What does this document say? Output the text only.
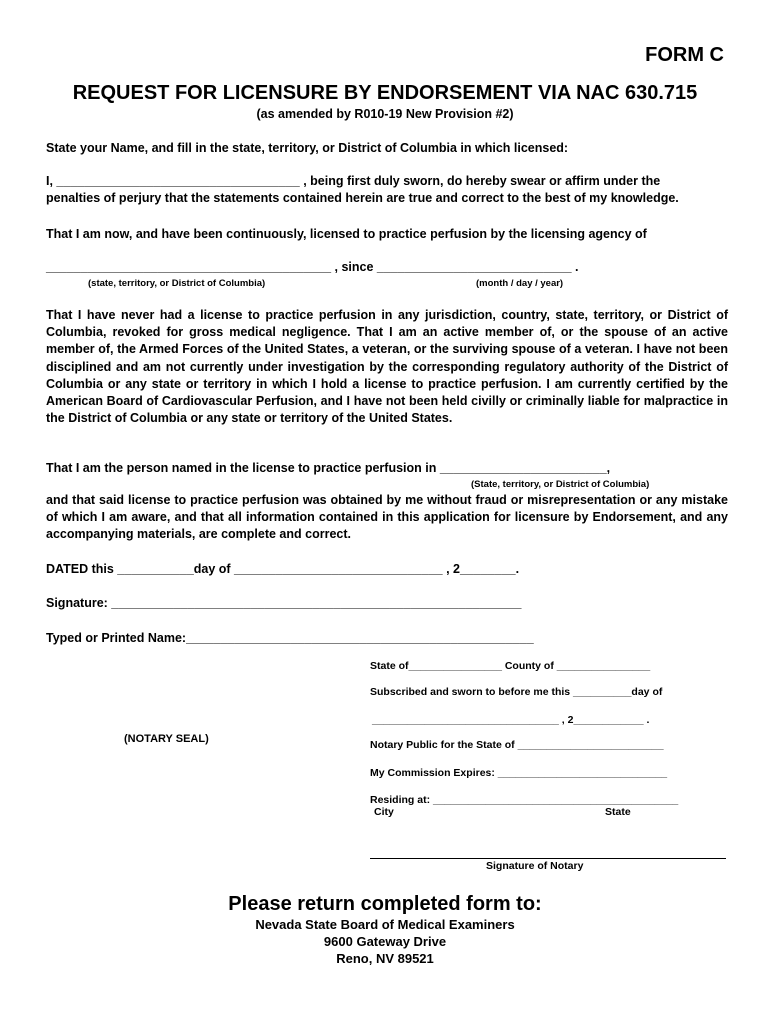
FORM C
REQUEST FOR LICENSURE BY ENDORSEMENT VIA NAC 630.715
(as amended by R010-19 New Provision #2)
State your Name, and fill in the state, territory, or District of Columbia in which licensed:
I, ___________________________________ , being first duly sworn, do hereby swear or affirm under the
penalties of perjury that the statements contained herein are true and correct to the best of my knowledge.
That I am now, and have been continuously, licensed to practice perfusion by the licensing agency of
_________________________________________ , since ____________________________ .
(state, territory, or District of Columbia)	(month / day / year)
That I have never had a license to practice perfusion in any jurisdiction, country, state, territory, or District of Columbia, revoked for gross medical negligence. That I am an active member of, or the spouse of an active member of, the Armed Forces of the United States, a veteran, or the surviving spouse of a veteran. I have not been disciplined and am not currently under investigation by the corresponding regulatory authority of the District of Columbia or any state or territory in which I hold a license to practice perfusion. I am currently certified by the American Board of Cardiovascular Perfusion, and I have not been held civilly or criminally liable for malpractice in the District of Columbia or any state or territory of the United States.
That I am the person named in the license to practice perfusion in ________________________,
(State, territory, or District of Columbia)
and that said license to practice perfusion was obtained by me without fraud or misrepresentation or any mistake of which I am aware, and that all information contained in this application for licensure by Endorsement, and any accompanying materials, are complete and correct.
DATED this ___________day of ______________________________ , 2________.
Signature: ___________________________________________________________
Typed or Printed Name:__________________________________________________
State of________________ County of ________________
Subscribed and sworn to before me this __________day of
________________________________ , 2____________ .
(NOTARY SEAL)	Notary Public for the State of _________________________
My Commission Expires: _____________________________
Residing at: __________________________________________
City	State
Signature of Notary
Please return completed form to:
Nevada State Board of Medical Examiners
9600 Gateway Drive
Reno, NV 89521
